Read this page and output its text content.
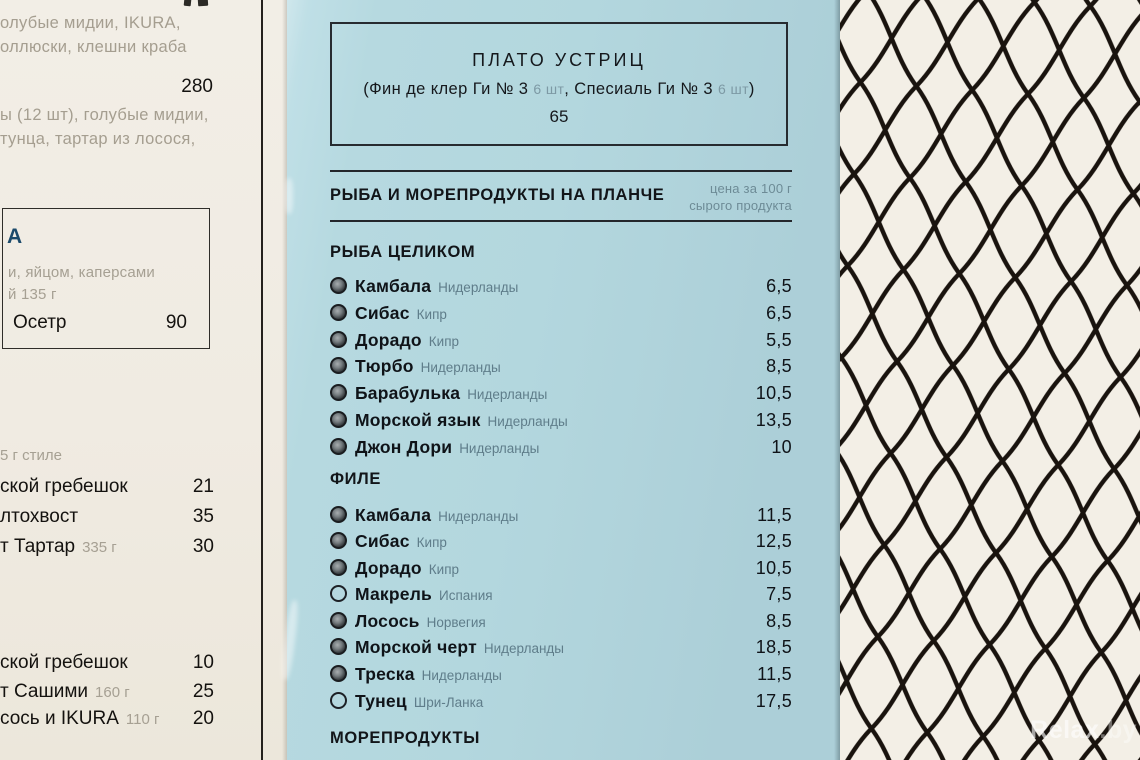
олубые мидии, IKURA,
оллюски, клешни краба
280
ы (12 шт), голубые мидии,
тунца, тартар из лосося,
А
и, яйцом, каперсами
й 135 г
Осетр	90
5 г стиле
ской гребешок	21
лтохвост	35
т Тартар 335 г	30
ской гребешок	10
т Сашими 160 г	25
сось и IKURA 110 г 20
ПЛАТО УСТРИЦ
(Фин де клер Ги № 3 6 шт, Спесиаль Ги № 3 6 шт)
65
РЫБА И МОРЕПРОДУКТЫ НА ПЛАНЧЕ	цена за 100 г
сырого продукта
РЫБА ЦЕЛИКОМ
Камбала Нидерланды	6,5
Сибас Кипр	6,5
Дорадо Кипр	5,5
Тюрбо Нидерланды	8,5
Барабулька Нидерланды	10,5
Морской язык Нидерланды	13,5
Джон Дори Нидерланды	10
ФИЛЕ
Камбала Нидерланды	11,5
Сибас Кипр	12,5
Дорадо Кипр	10,5
Макрель Испания	7,5
Лосось Норвегия	8,5
Морской черт Нидерланды	18,5
Треска Нидерланды	11,5
Тунец Шри-Ланка	17,5
МОРЕПРОДУКТЫ	Relax.by
